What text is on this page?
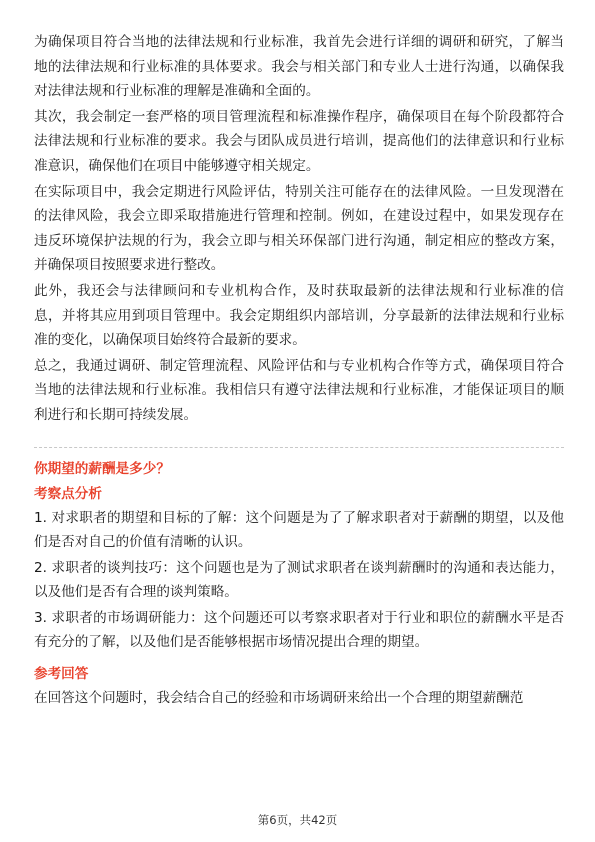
为确保项目符合当地的法律法规和行业标准，我首先会进行详细的调研和研究，了解当地的法律法规和行业标准的具体要求。我会与相关部门和专业人士进行沟通，以确保我对法律法规和行业标准的理解是准确和全面的。

其次，我会制定一套严格的项目管理流程和标准操作程序，确保项目在每个阶段都符合法律法规和行业标准的要求。我会与团队成员进行培训，提高他们的法律意识和行业标准意识，确保他们在项目中能够遵守相关规定。

在实际项目中，我会定期进行风险评估，特别关注可能存在的法律风险。一旦发现潜在的法律风险，我会立即采取措施进行管理和控制。例如，在建设过程中，如果发现存在违反环境保护法规的行为，我会立即与相关环保部门进行沟通，制定相应的整改方案，并确保项目按照要求进行整改。

此外，我还会与法律顾问和专业机构合作，及时获取最新的法律法规和行业标准的信息，并将其应用到项目管理中。我会定期组织内部培训，分享最新的法律法规和行业标准的变化，以确保项目始终符合最新的要求。

总之，我通过调研、制定管理流程、风险评估和与专业机构合作等方式，确保项目符合当地的法律法规和行业标准。我相信只有遵守法律法规和行业标准，才能保证项目的顺利进行和长期可持续发展。

你期望的薪酬是多少？
考察点分析

1. 对求职者的期望和目标的了解：这个问题是为了了解求职者对于薪酬的期望，以及他们是否对自己的价值有清晰的认识。

2. 求职者的谈判技巧：这个问题也是为了测试求职者在谈判薪酬时的沟通和表达能力，以及他们是否有合理的谈判策略。

3. 求职者的市场调研能力：这个问题还可以考察求职者对于行业和职位的薪酬水平是否有充分的了解，以及他们是否能够根据市场情况提出合理的期望。

参考回答

在回答这个问题时，我会结合自己的经验和市场调研来给出一个合理的期望薪酬范

第6页，共42页
